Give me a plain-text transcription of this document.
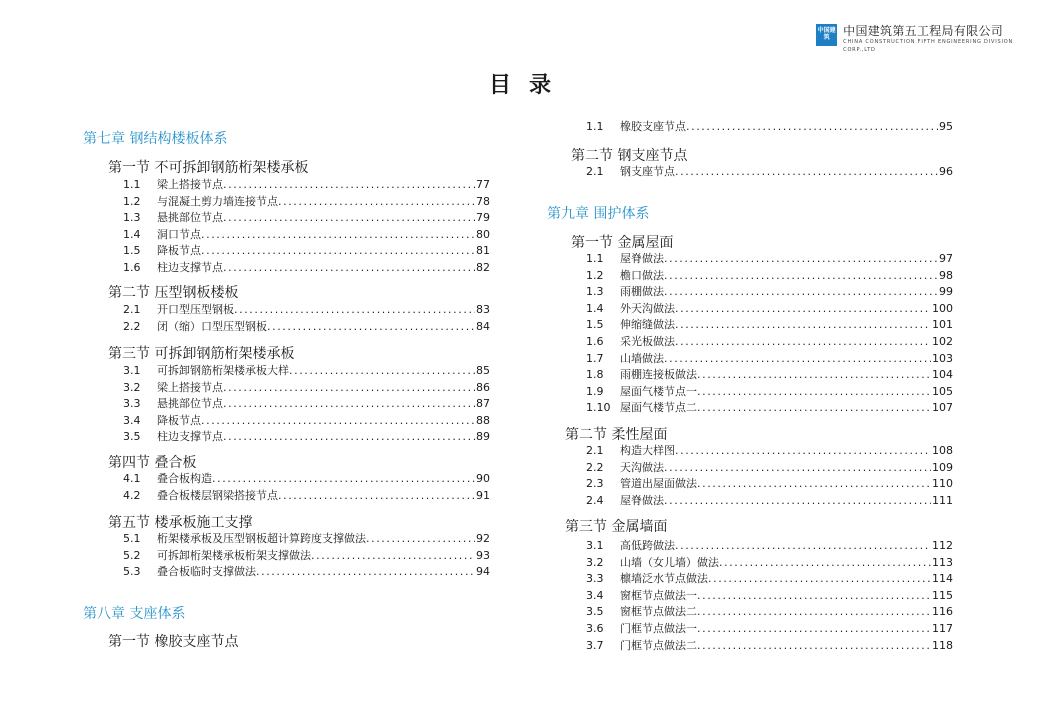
中国建筑	中国建筑第五工程局有限公司
CHINA CONSTRUCTION FIFTH ENGINEERING DIVISION CORP.,LTD
目录
第七章 钢结构楼板体系
第一节 不可拆卸钢筋桁架楼承板
1.1	梁上搭接节点 .....	77
1.2	与混凝土剪力墙连接节点 .....	78
1.3	悬挑部位节点 .....	79
1.4	洞口节点 .....	80
1.5	降板节点 .....	81
1.6	柱边支撑节点 .....	82
第二节 压型钢板楼板
2.1	开口型压型钢板 .....	83
2.2	闭（缩）口型压型钢板 .....	84
第三节 可拆卸钢筋桁架楼承板
3.1	可拆卸钢筋桁架楼承板大样 .....	85
3.2	梁上搭接节点 .....	86
3.3	悬挑部位节点 .....	87
3.4	降板节点 .....	88
3.5	柱边支撑节点 .....	89
第四节 叠合板
4.1	叠合板构造 .....	90
4.2	叠合板楼层钢梁搭接节点 .....	91
第五节 楼承板施工支撑
5.1	桁架楼承板及压型钢板超计算跨度支撑做法 .....	92
5.2	可拆卸桁架楼承板桁架支撑做法 .....	93
5.3	叠合板临时支撑做法 .....	94
第八章 支座体系
第一节 橡胶支座节点
1.1	橡胶支座节点 .....	95
第二节 钢支座节点
2.1	钢支座节点 .....	96
第九章 围护体系
第一节 金属屋面
1.1	屋脊做法 .....	97
1.2	檐口做法 .....	98
1.3	雨棚做法 .....	99
1.4	外天沟做法 .....	100
1.5	伸缩缝做法 .....	101
1.6	采光板做法 .....	102
1.7	山墙做法 .....	103
1.8	雨棚连接板做法 .....	104
1.9	屋面气楼节点一 .....	105
1.10 屋面气楼节点二 .....	107
第二节 柔性屋面
2.1	构造大样图 .....	108
2.2	天沟做法 .....	109
2.3	管道出屋面做法 .....	110
2.4	屋脊做法 .....	111
第三节 金属墙面
3.1	高低跨做法 .....	112
3.2	山墙（女儿墙）做法 .....	113
3.3	檩墙泛水节点做法 .....	114
3.4	窗框节点做法一 .....	115
3.5	窗框节点做法二 .....	116
3.6	门框节点做法一 .....	117
3.7	门框节点做法二 .....	118
